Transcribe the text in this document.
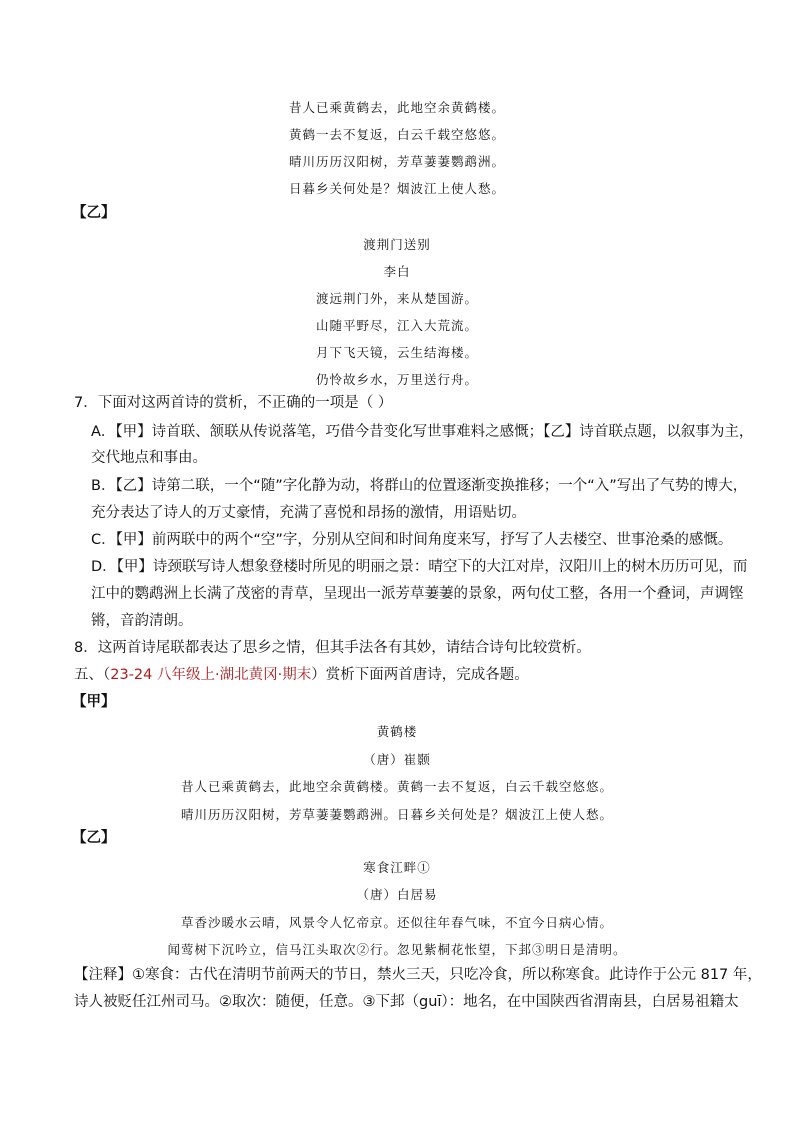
昔人已乘黄鹤去，此地空余黄鹤楼。
黄鹤一去不复返，白云千载空悠悠。
晴川历历汉阳树，芳草萋萋鹦鹉洲。
日暮乡关何处是？烟波江上使人愁。
【乙】
渡荆门送别
李白
渡远荆门外，来从楚国游。
山随平野尽，江入大荒流。
月下飞天镜，云生结海楼。
仍怜故乡水，万里送行舟。
7．下面对这两首诗的赏析，不正确的一项是（ ）
A．【甲】诗首联、颔联从传说落笔，巧借今昔变化写世事难料之感慨；【乙】诗首联点题，以叙事为主，
交代地点和事由。
B．【乙】诗第二联，一个“随”字化静为动，将群山的位置逐渐变换推移；一个“入”写出了气势的博大，
充分表达了诗人的万丈豪情，充满了喜悦和昂扬的激情，用语贴切。
C．【甲】前两联中的两个“空”字，分别从空间和时间角度来写，抒写了人去楼空、世事沧桑的感慨。
D．【甲】诗颈联写诗人想象登楼时所见的明丽之景：晴空下的大江对岸，汉阳川上的树木历历可见，而
江中的鹦鹉洲上长满了茂密的青草，呈现出一派芳草萋萋的景象，两句仗工整，各用一个叠词，声调铿
锵，音韵清朗。
8．这两首诗尾联都表达了思乡之情，但其手法各有其妙，请结合诗句比较赏析。
五、（23-24 八年级上·湖北黄冈·期末）赏析下面两首唐诗，完成各题。
【甲】
黄鹤楼
（唐）崔颢
昔人已乘黄鹤去，此地空余黄鹤楼。黄鹤一去不复返，白云千载空悠悠。
晴川历历汉阳树，芳草萋萋鹦鹉洲。日暮乡关何处是？烟波江上使人愁。
【乙】
寒食江畔①
（唐）白居易
草香沙暖水云晴，风景令人忆帝京。还似往年春气味，不宜今日病心情。
闻莺树下沉吟立，信马江头取次②行。忽见紫桐花怅望，下邽③明日是清明。
【注释】①寒食：古代在清明节前两天的节日，禁火三天，只吃冷食，所以称寒食。此诗作于公元 817 年，
诗人被贬任江州司马。②取次：随便，任意。③下邽（guī）：地名，在中国陕西省渭南县，白居易祖籍太
